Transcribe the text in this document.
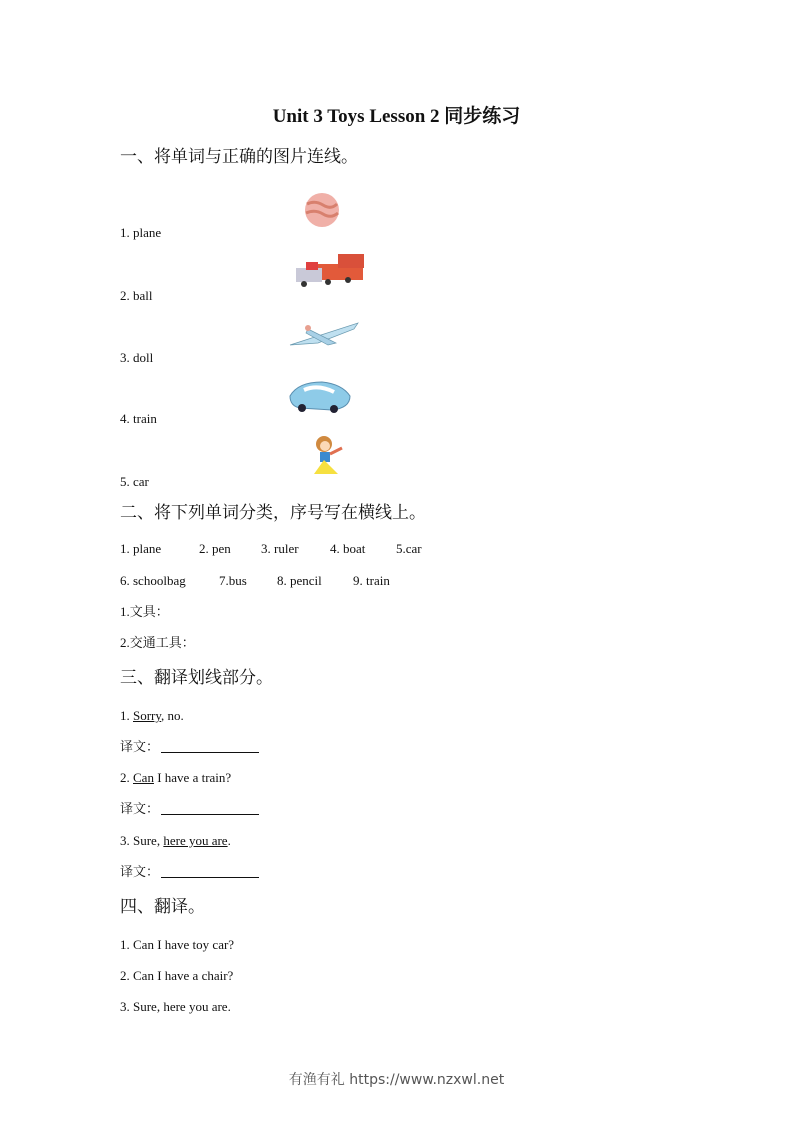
Unit 3 Toys Lesson 2 同步练习
一、将单词与正确的图片连线。
1. plane
2. ball
3. doll
4. train
5. car
二、将下列单词分类，序号写在横线上。
1. plane	2. pen 3. ruler 4. boat 5.car
6. schoolbag	7.bus 8. pencil 9. train
1.文具：
2.交通工具：
三、翻译划线部分。
1. Sorry, no.
译文：
2. Can I have a train?
译文：
3. Sure, here you are.
译文：
四、翻译。
1. Can I have toy car?
2. Can I have a chair?
3. Sure, here you are.
有渔有礼 https://www.nzxwl.net
